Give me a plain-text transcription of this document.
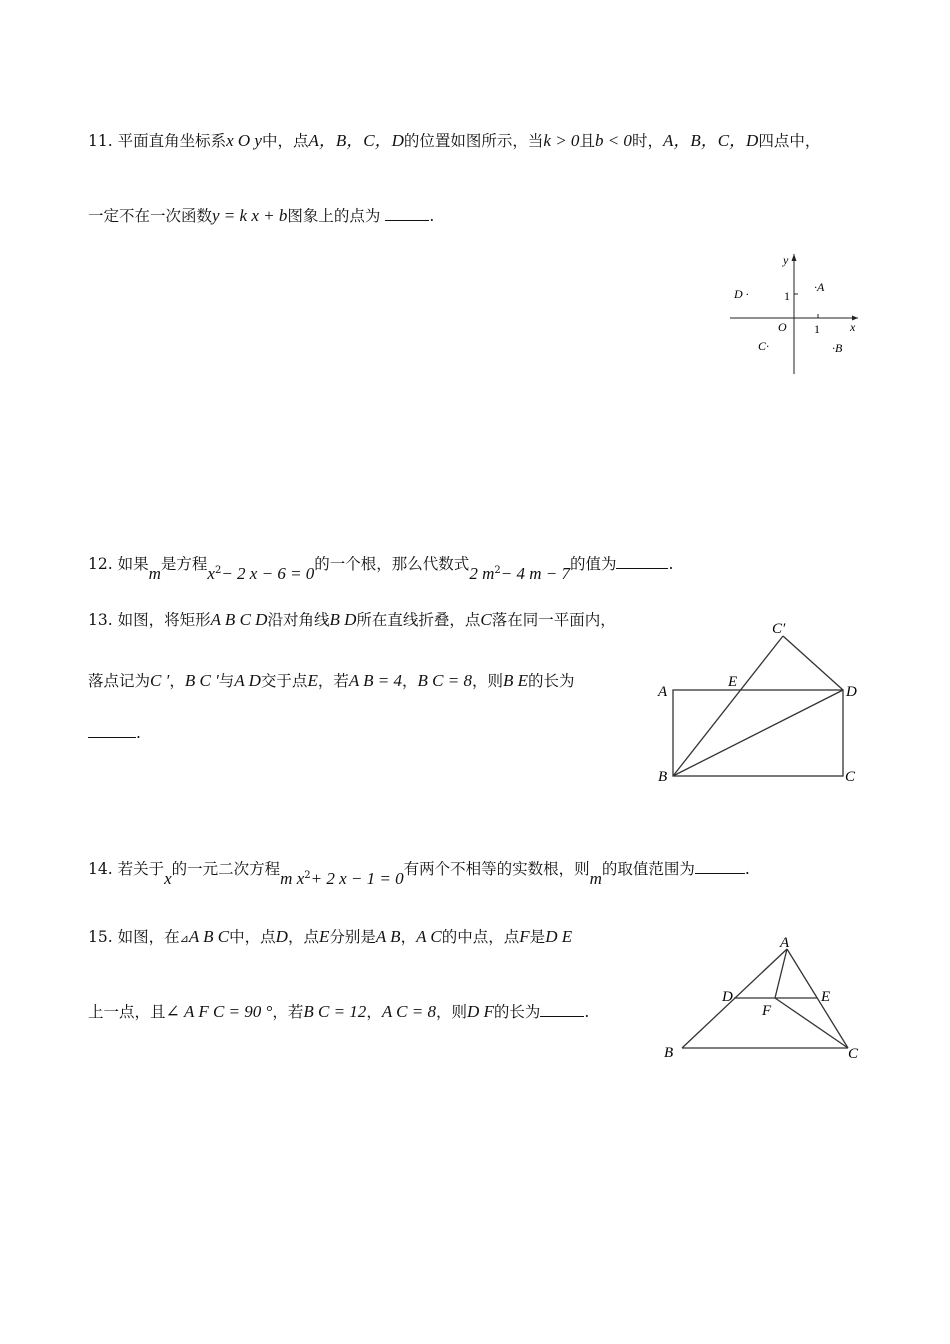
11. 平面直角坐标系x O y中，点A，B，C，D的位置如图所示，当k > 0且b < 0时，A，B，C，D四点中，
一定不在一次函数y = k x + b图象上的点为	.
y
x
O
1
1
·A
·B
C·
D ·
12. 如果m是方程$x^2- 2$ x − 6 = 0的一个根，那么代数式2 $m^2- 4$ m − 7的值为	.
13. 如图，将矩形A B C D沿对角线B D所在直线折叠，点C落在同一平面内，
落点记为C ′，B C ′与A D交于点E，若A B = 4，B C = 8，则B E的长为
.
C′
E
A	D
B	C
14. 若关于x的一元二次方程m $x^2+ 2$ x − 1 = 0有两个不相等的实数根，则m的取值范围为	.
15. 如图，在⊿A B C中，点D，点E分别是A B，A C的中点，点F是D E
上一点，且∠ A F C = 90 °，若B C = 12，A C = 8，则D F的长为	.
A
D	E
F
B	C
